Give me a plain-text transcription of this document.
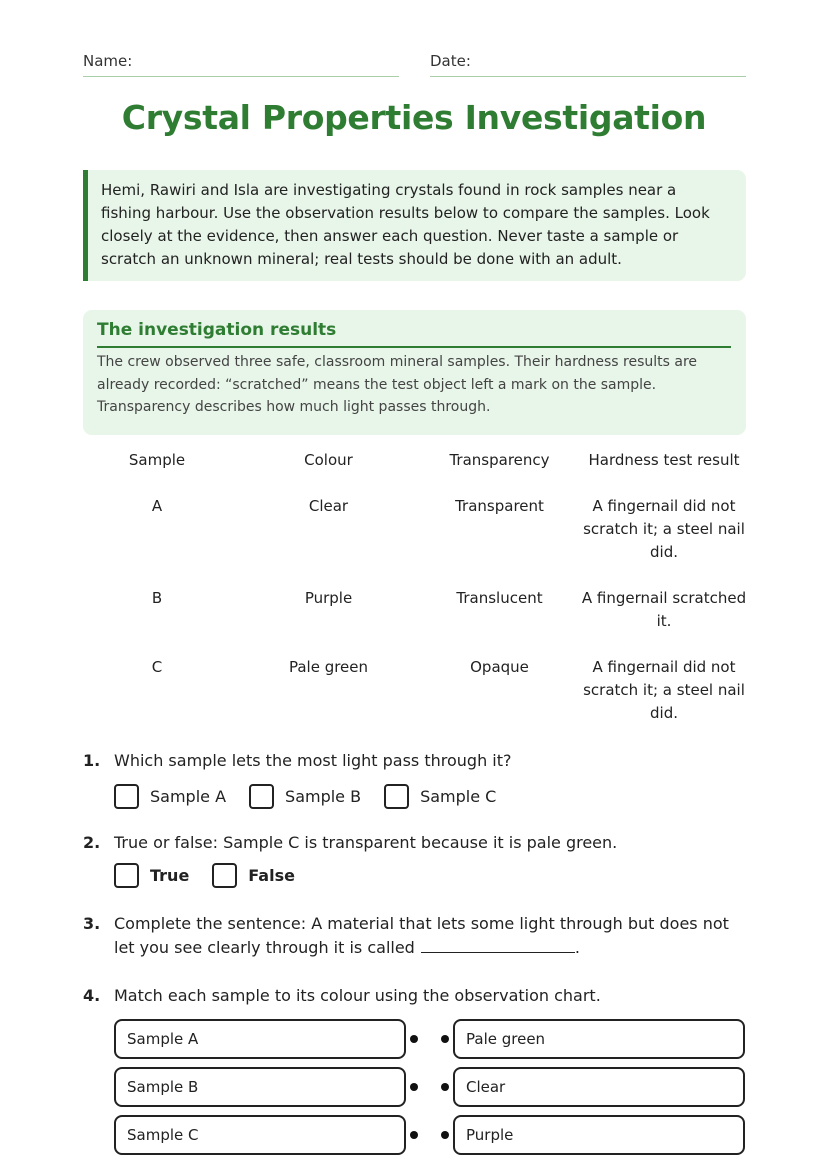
Name:	Date:
Crystal Properties Investigation
Hemi, Rawiri and Isla are investigating crystals found in rock samples near a fishing harbour. Use the observation results below to compare the samples. Look closely at the evidence, then answer each question. Never taste a sample or scratch an unknown mineral; real tests should be done with an adult.
The investigation results

The crew observed three safe, classroom mineral samples. Their hardness results are already recorded: “scratched” means the test object left a mark on the sample. Transparency describes how much light passes through.

Sample	Colour	Transparency	Hardness test result
A	Clear	Transparent	A fingernail did not scratch it; a steel nail did.
B	Purple	Translucent	A fingernail scratched it.
C	Pale green	Opaque	A fingernail did not scratch it; a steel nail did.
1. Which sample lets the most light pass through it?
Sample A	Sample B	Sample C
2. True or false: Sample C is transparent because it is pale green.
True	False
3. Complete the sentence: A material that lets some light through but does not let you see clearly through it is called	.
4. Match each sample to its colour using the observation chart.
Sample A	Pale green
Sample B	Clear
Sample C	Purple
